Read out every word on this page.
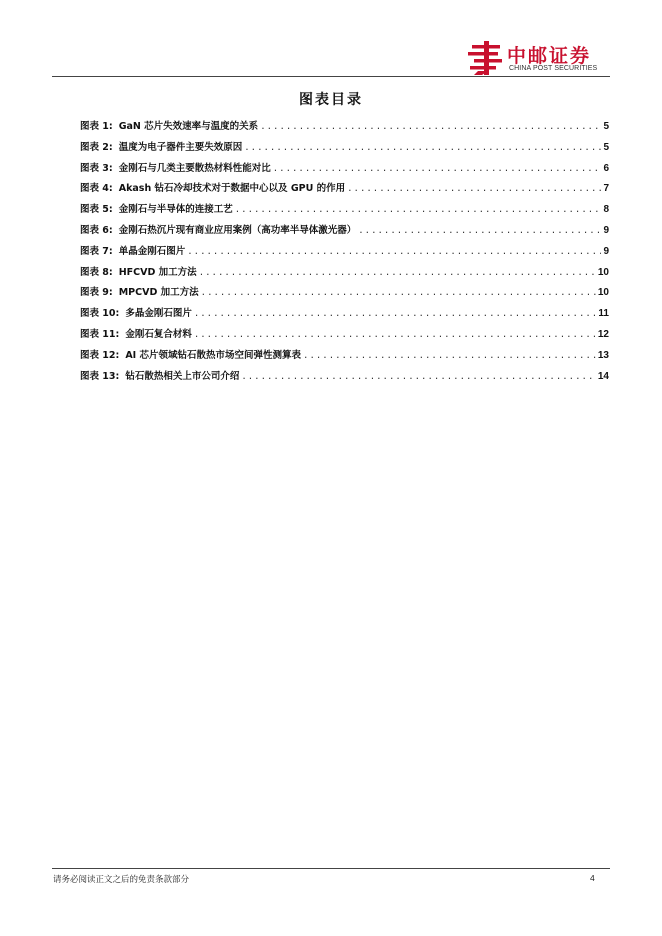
中邮证券
CHINA POST SECURITIES
图表目录
图表 1: GaN 芯片失效速率与温度的关系 .....	5
图表 2: 温度为电子器件主要失效原因 .....	5
图表 3: 金刚石与几类主要散热材料性能对比 .....	6
图表 4: Akash 钻石冷却技术对于数据中心以及 GPU 的作用 .....	7
图表 5: 金刚石与半导体的连接工艺 .....	8
图表 6: 金刚石热沉片现有商业应用案例（高功率半导体激光器） .....	9
图表 7: 单晶金刚石图片 .....	9
图表 8: HFCVD 加工方法 .....	10
图表 9: MPCVD 加工方法 .....	10
图表 10: 多晶金刚石图片 .....	11
图表 11: 金刚石复合材料 .....	12
图表 12: AI 芯片领域钻石散热市场空间弹性测算表 .....	13
图表 13: 钻石散热相关上市公司介绍 .....	14
请务必阅读正文之后的免责条款部分	4
